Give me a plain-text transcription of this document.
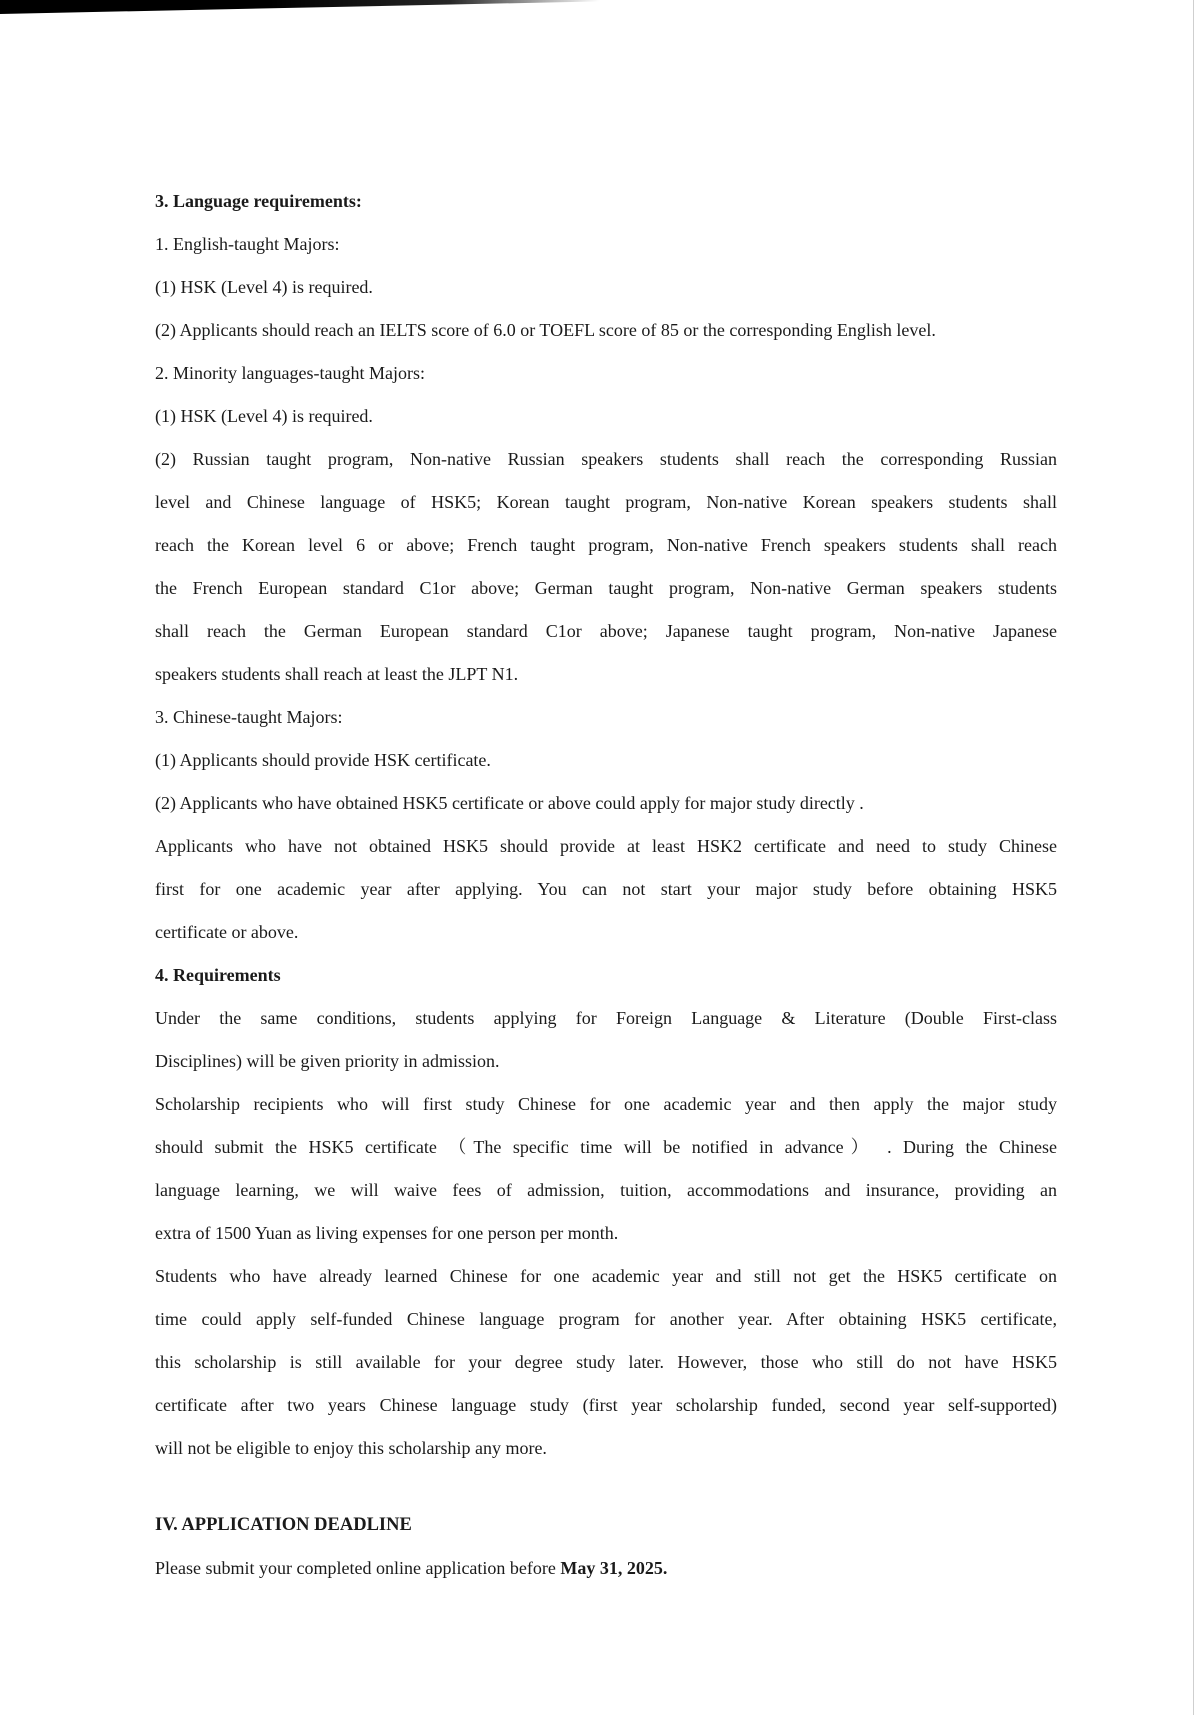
3. Language requirements:
1. English-taught Majors:
(1) HSK (Level 4) is required.
(2) Applicants should reach an IELTS score of 6.0 or TOEFL score of 85 or the corresponding English level.
2. Minority languages-taught Majors:
(1) HSK (Level 4) is required.
(2) Russian taught program, Non-native Russian speakers students shall reach the corresponding Russian
level and Chinese language of HSK5; Korean taught program, Non-native Korean speakers students shall
reach the Korean level 6 or above; French taught program, Non-native French speakers students shall reach
the French European standard C1or above; German taught program, Non-native German speakers students
shall reach the German European standard C1or above; Japanese taught program, Non-native Japanese
speakers students shall reach at least the JLPT N1.
3. Chinese-taught Majors:
(1) Applicants should provide HSK certificate.
(2) Applicants who have obtained HSK5 certificate or above could apply for major study directly .
Applicants who have not obtained HSK5 should provide at least HSK2 certificate and need to study Chinese
first for one academic year after applying. You can not start your major study before obtaining HSK5
certificate or above.
4. Requirements
Under the same conditions, students applying for Foreign Language & Literature (Double First-class
Disciplines) will be given priority in admission.
Scholarship recipients who will first study Chinese for one academic year and then apply the major study
should submit the HSK5 certificate （The specific time will be notified in advance） . During the Chinese
language learning, we will waive fees of admission, tuition, accommodations and insurance, providing an
extra of 1500 Yuan as living expenses for one person per month.
Students who have already learned Chinese for one academic year and still not get the HSK5 certificate on
time could apply self-funded Chinese language program for another year. After obtaining HSK5 certificate,
this scholarship is still available for your degree study later. However, those who still do not have HSK5
certificate after two years Chinese language study (first year scholarship funded, second year self-supported)
will not be eligible to enjoy this scholarship any more.
IV. APPLICATION DEADLINE
Please submit your completed online application before May 31, 2025.
